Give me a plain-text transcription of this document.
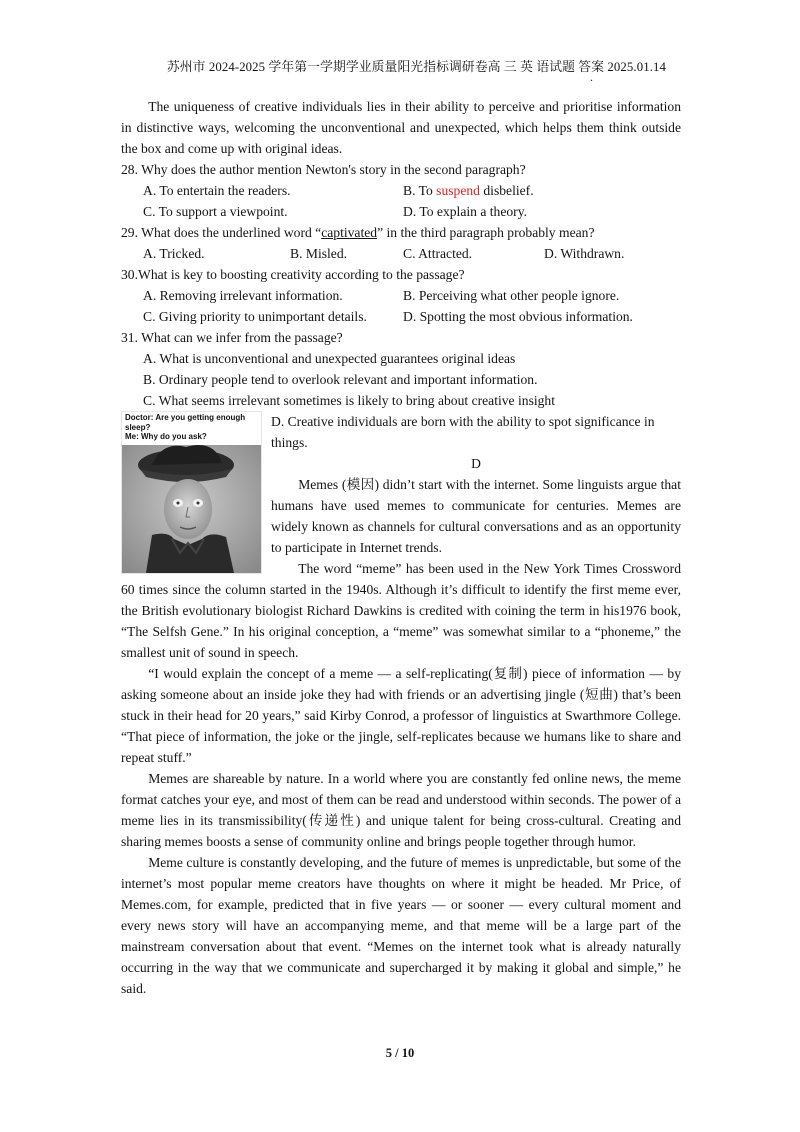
苏州市 2024-2025 学年第一学期学业质量阳光指标调研卷高 三 英 语试题 答案 2025.01.14
.

The uniqueness of creative individuals lies in their ability to perceive and prioritise information in distinctive ways, welcoming the unconventional and unexpected, which helps them think outside the box and come up with original ideas.

28. Why does the author mention Newton's story in the second paragraph?

A. To entertain the readers.	B. To suspend disbelief.
C. To support a viewpoint.	D. To explain a theory.

29. What does the underlined word “captivated” in the third paragraph probably mean?

A. Tricked.	B. Misled.	C. Attracted.	D. Withdrawn.

30.What is key to boosting creativity according to the passage?

A. Removing irrelevant information.	B. Perceiving what other people ignore.
C. Giving priority to unimportant details.	D. Spotting the most obvious information.

31. What can we infer from the passage?

A. What is unconventional and unexpected guarantees original ideas

B. Ordinary people tend to overlook relevant and important information.

C. What seems irrelevant sometimes is likely to bring about creative insight

Doctor: Are you getting enough sleep?
Me: Why do you ask?

D. Creative individuals are born with the ability to spot significance in things.

D

Memes (模因) didn’t start with the internet. Some linguists argue that humans have used memes to communicate for centuries. Memes are widely known as channels for cultural conversations and as an opportunity to participate in Internet trends.

The word “meme” has been used in the New York Times Crossword 60 times since the column started in the 1940s. Although it’s difficult to identify the first meme ever, the British evolutionary biologist Richard Dawkins is credited with coining the term in his1976 book, “The Selfsh Gene.” In his original conception, a “meme” was somewhat similar to a “phoneme,” the smallest unit of sound in speech.

“I would explain the concept of a meme — a self-replicating(复制) piece of information — by asking someone about an inside joke they had with friends or an advertising jingle (短曲) that’s been stuck in their head for 20 years,” said Kirby Conrod, a professor of linguistics at Swarthmore College. “That piece of information, the joke or the jingle, self-replicates because we humans like to share and repeat stuff.”

Memes are shareable by nature. In a world where you are constantly fed online news, the meme format catches your eye, and most of them can be read and understood within seconds. The power of a meme lies in its transmissibility(传递性) and unique talent for being cross-cultural. Creating and sharing memes boosts a sense of community online and brings people together through humor.

Meme culture is constantly developing, and the future of memes is unpredictable, but some of the internet’s most popular meme creators have thoughts on where it might be headed. Mr Price, of Memes.com, for example, predicted that in five years — or sooner — every cultural moment and every news story will have an accompanying meme, and that meme will be a large part of the mainstream conversation about that event. “Memes on the internet took what is already naturally occurring in the way that we communicate and supercharged it by making it global and simple,” he said.

5 / 10
